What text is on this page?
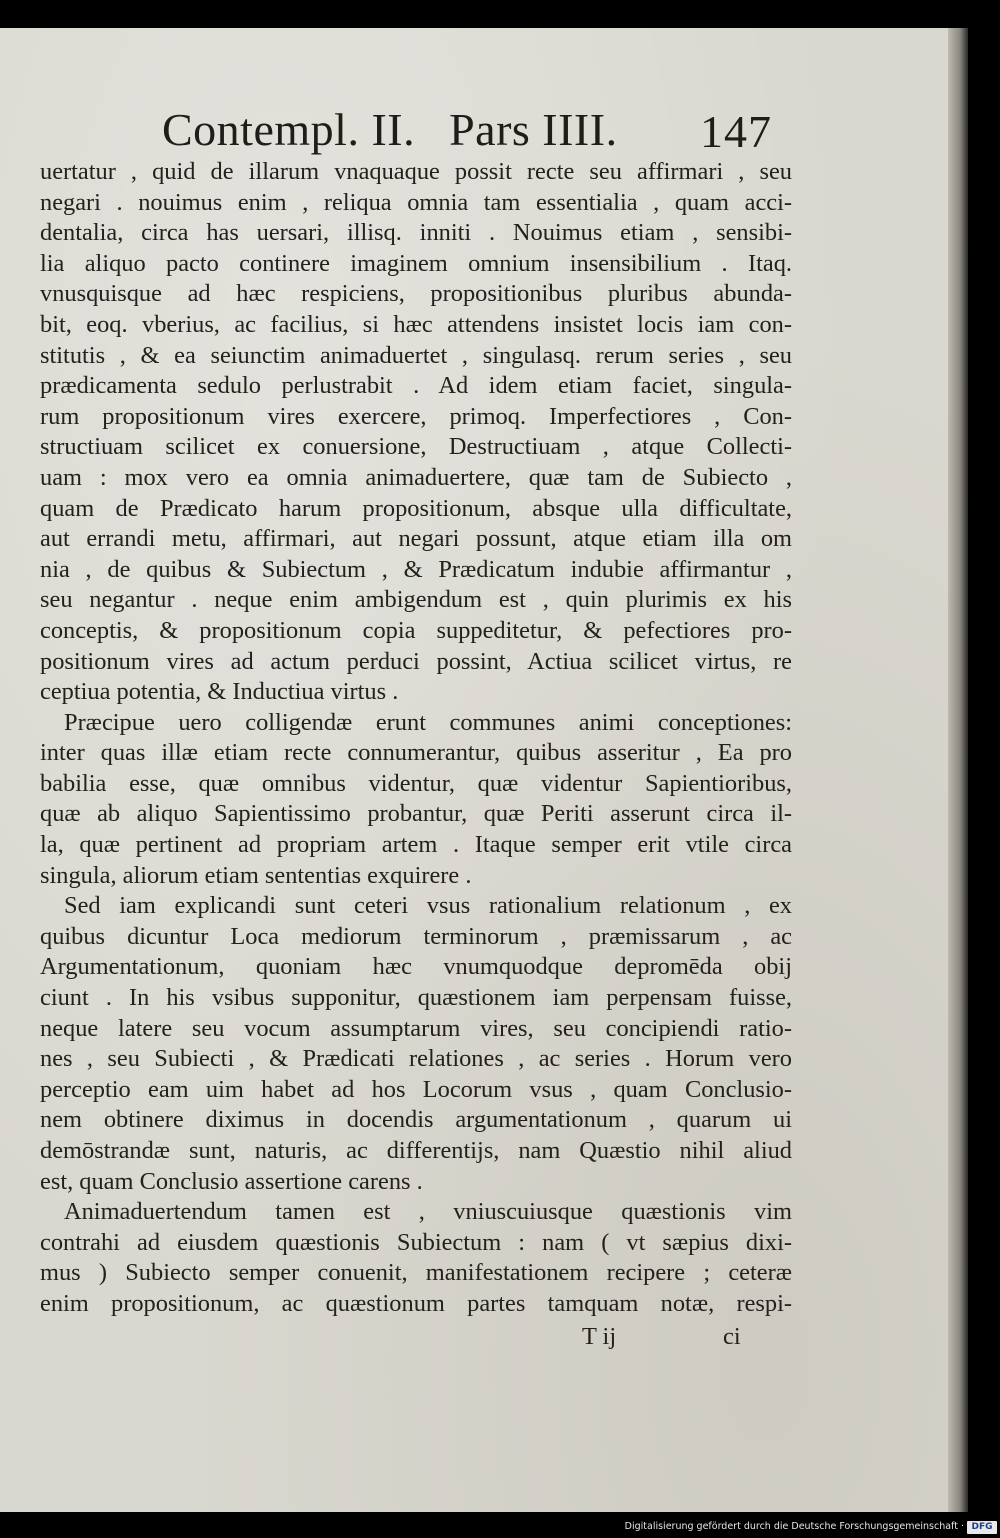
Contempl. II. Pars IIII. 147
uertatur , quid de illarum vnaquaque possit recte seu affirmari , seu
negari . nouimus enim , reliqua omnia tam essentialia , quam acci-
dentalia, circa has uersari, illisq. inniti . Nouimus etiam , sensibi-
lia aliquo pacto continere imaginem omnium insensibilium . Itaq.
vnusquisque ad hæc respiciens, propositionibus pluribus abunda-
bit, eoq. vberius, ac facilius, si hæc attendens insistet locis iam con-
stitutis , & ea seiunctim animaduertet , singulasq. rerum series , seu
prædicamenta sedulo perlustrabit . Ad idem etiam faciet, singula-
rum propositionum vires exercere, primoq. Imperfectiores , Con-
structiuam scilicet ex conuersione, Destructiuam , atque Collecti-
uam : mox vero ea omnia animaduertere, quæ tam de Subiecto ,
quam de Prædicato harum propositionum, absque ulla difficultate,
aut errandi metu, affirmari, aut negari possunt, atque etiam illa om
nia , de quibus & Subiectum , & Prædicatum indubie affirmantur ,
seu negantur . neque enim ambigendum est , quin plurimis ex his
conceptis, & propositionum copia suppeditetur, & pefectiores pro-
positionum vires ad actum perduci possint, Actiua scilicet virtus, re
ceptiua potentia, & Inductiua virtus .
Præcipue uero colligendæ erunt communes animi conceptiones:
inter quas illæ etiam recte connumerantur, quibus asseritur , Ea pro
babilia esse, quæ omnibus videntur, quæ videntur Sapientioribus,
quæ ab aliquo Sapientissimo probantur, quæ Periti asserunt circa il-
la, quæ pertinent ad propriam artem . Itaque semper erit vtile circa
singula, aliorum etiam sententias exquirere .
Sed iam explicandi sunt ceteri vsus rationalium relationum , ex
quibus dicuntur Loca mediorum terminorum , præmissarum , ac
Argumentationum, quoniam hæc vnumquodque depromēda obij
ciunt . In his vsibus supponitur, quæstionem iam perpensam fuisse,
neque latere seu vocum assumptarum vires, seu concipiendi ratio-
nes , seu Subiecti , & Prædicati relationes , ac series . Horum vero
perceptio eam uim habet ad hos Locorum vsus , quam Conclusio-
nem obtinere diximus in docendis argumentationum , quarum ui
demōstrandæ sunt, naturis, ac differentijs, nam Quæstio nihil aliud
est, quam Conclusio assertione carens .
Animaduertendum tamen est , vniuscuiusque quæstionis vim
contrahi ad eiusdem quæstionis Subiectum : nam ( vt sæpius dixi-
mus ) Subiecto semper conuenit, manifestationem recipere ; ceteræ
enim propositionum, ac quæstionum partes tamquam notæ, respi-
T ij	ci
Digitalisierung gefördert durch die Deutsche Forschungsgemeinschaft · DFG
